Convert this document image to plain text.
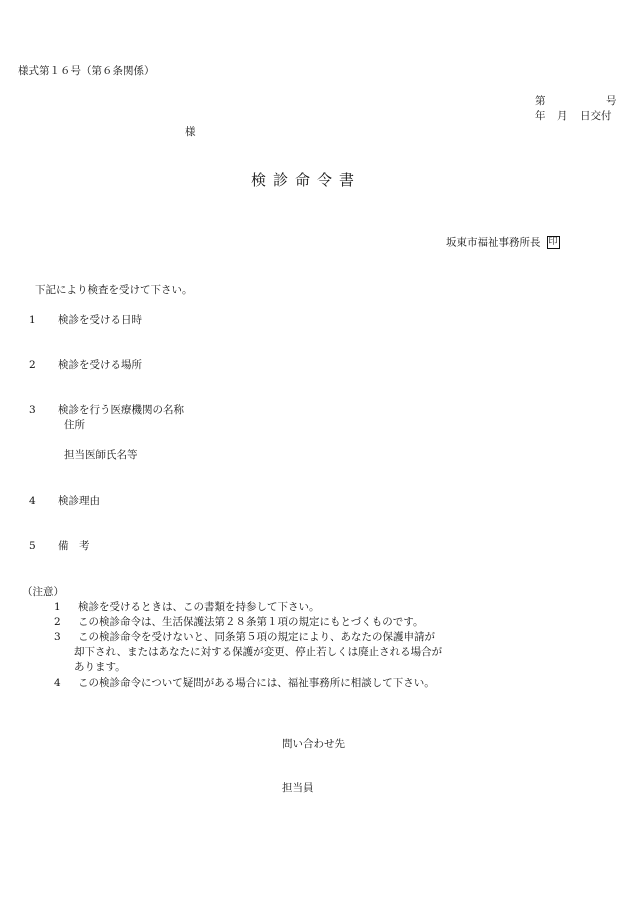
様式第１６号（第６条関係）
第	号
年 月 日交付
様
検診命令書
坂東市福祉事務所長 印
下記により検査を受けて下さい。
1 検診を受ける日時
2 検診を受ける場所
3 検診を行う医療機関の名称
住所
担当医師氏名等
4 検診理由
5 備　考
（注意）
1 検診を受けるときは、この書類を持参して下さい。
2 この検診命令は、生活保護法第２８条第１項の規定にもとづくものです。
3 この検診命令を受けないと、同条第５項の規定により、あなたの保護申請が
却下され、またはあなたに対する保護が変更、停止若しくは廃止される場合が
あります。
4 この検診命令について疑問がある場合には、福祉事務所に相談して下さい。
問い合わせ先
担当員
